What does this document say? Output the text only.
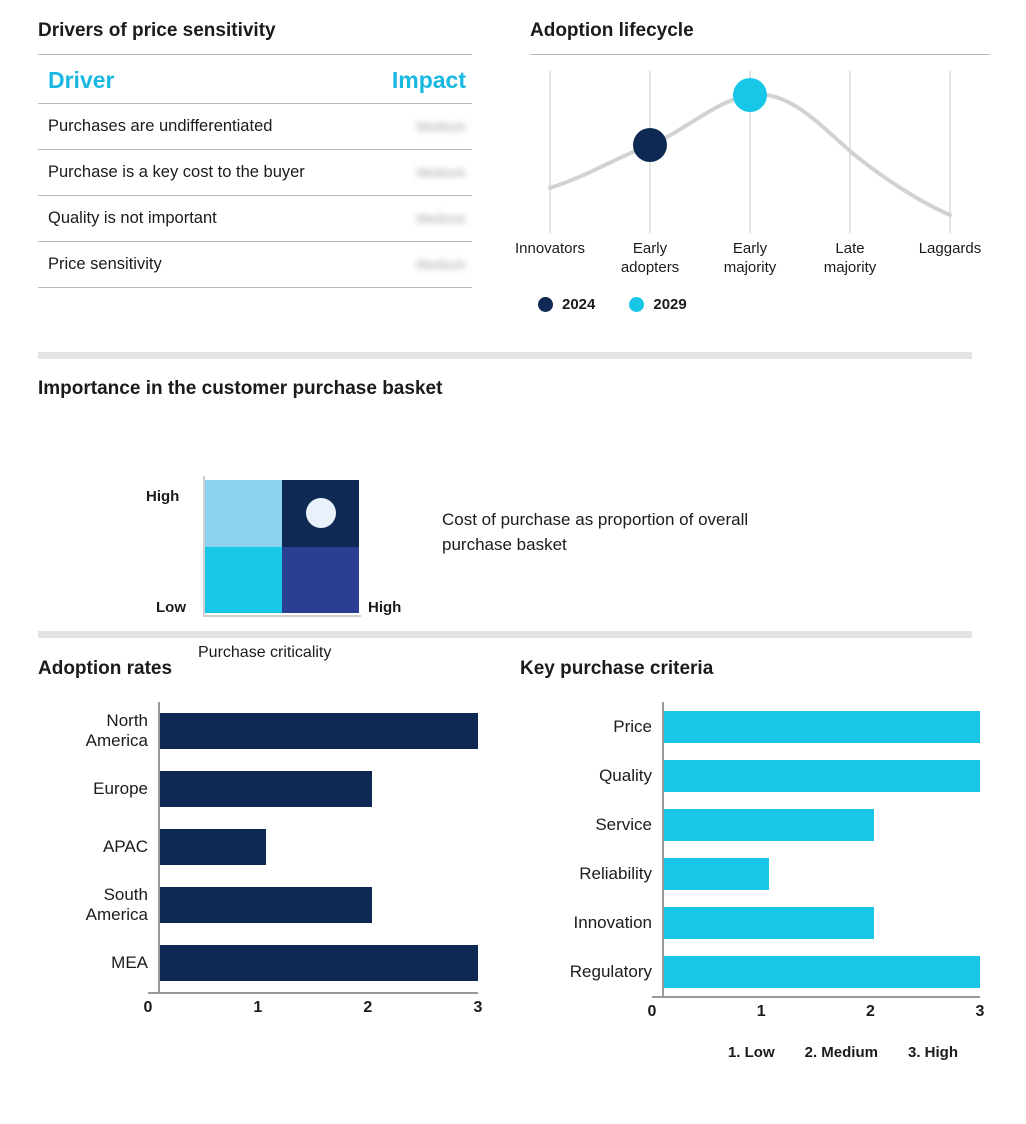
Drivers of price sensitivity
Driver	Impact
Purchases are undifferentiated	Medium
Purchase is a key cost to the buyer	Medium
Quality is not important	Medium
Price sensitivity	Medium
Adoption lifecycle
Innovators	Early
adopters
Early
majority
Late
majority
Laggards
2024	2029
Importance in the customer purchase basket
High
Low	High
Cost of purchase as proportion of overall purchase basket
Purchase criticality
Adoption rates
North
America
Europe
APAC
South
America
MEA
0	1	2	3
Key purchase criteria
Price
Quality
Service
Reliability
Innovation
Regulatory
0	1	2	3
1. Low 2. Medium 3. High
